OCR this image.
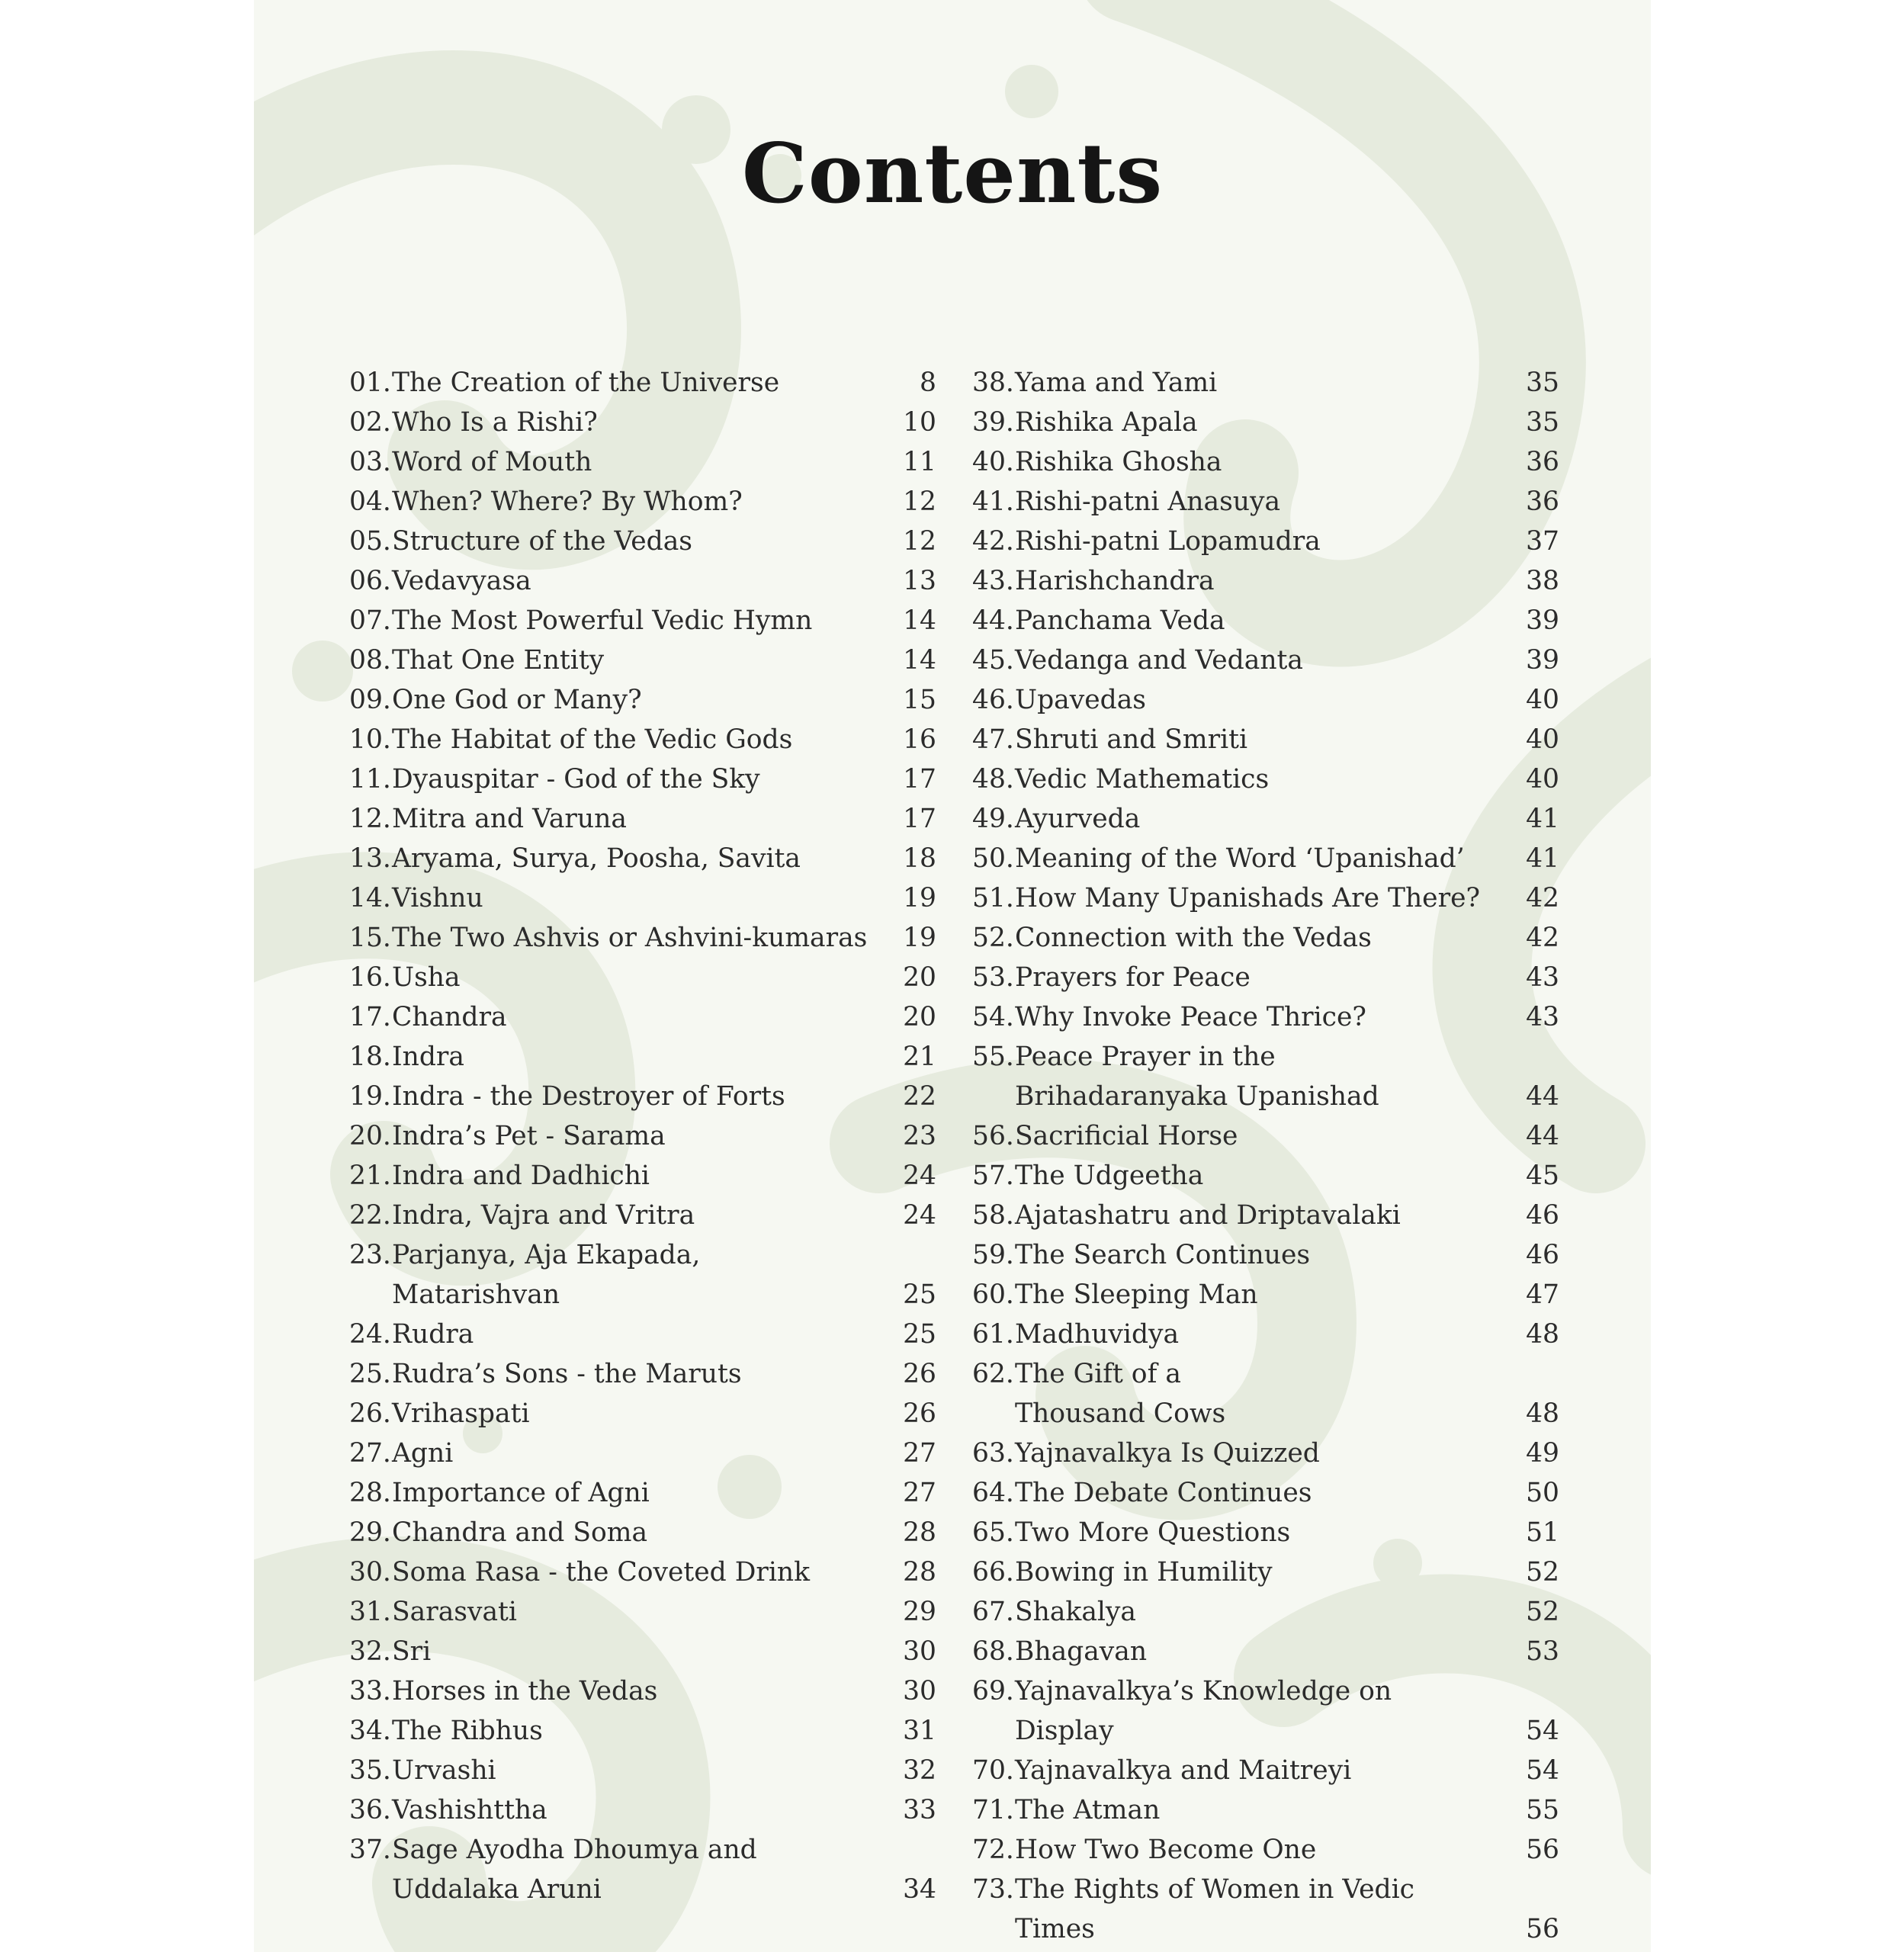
Contents
01. The Creation of the Universe	8
02. Who Is a Rishi?	10
03. Word of Mouth	11
04. When? Where? By Whom?	12
05. Structure of the Vedas	12
06. Vedavyasa	13
07. The Most Powerful Vedic Hymn	14
08. That One Entity	14
09. One God or Many?	15
10. The Habitat of the Vedic Gods	16
11. Dyauspitar - God of the Sky	17
12. Mitra and Varuna	17
13. Aryama, Surya, Poosha, Savita	18
14. Vishnu	19
15. The Two Ashvis or Ashvini-kumaras 19
16. Usha	20
17. Chandra	20
18. Indra	21
19. Indra - the Destroyer of Forts	22
20. Indra’s Pet - Sarama	23
21. Indra and Dadhichi	24
22. Indra, Vajra and Vritra	24
23. Parjanya, Aja Ekapada, Matarishvan	25
24. Rudra	25
25. Rudra’s Sons - the Maruts	26
26. Vrihaspati	26
27. Agni	27
28. Importance of Agni	27
29. Chandra and Soma	28
30. Soma Rasa - the Coveted Drink	28
31. Sarasvati	29
32. Sri	30
33. Horses in the Vedas	30
34. The Ribhus	31
35. Urvashi	32
36. Vashishttha	33
37. Sage Ayodha Dhoumya and
Uddalaka Aruni	34
38. Yama and Yami	35
39. Rishika Apala	35
40. Rishika Ghosha	36
41. Rishi-patni Anasuya	36
42. Rishi-patni Lopamudra	37
43. Harishchandra	38
44. Panchama Veda	39
45. Vedanga and Vedanta	39
46. Upavedas	40
47. Shruti and Smriti	40
48. Vedic Mathematics	40
49. Ayurveda	41
50. Meaning of the Word ‘Upanishad’	41
51. How Many Upanishads Are There?	42
52. Connection with the Vedas	42
53. Prayers for Peace	43
54. Why Invoke Peace Thrice?	43
55. Peace Prayer in the
Brihadaranyaka Upanishad	44
56. Sacrificial Horse	44
57. The Udgeetha	45
58. Ajatashatru and Driptavalaki	46
59. The Search Continues	46
60. The Sleeping Man	47
61. Madhuvidya	48
62. The Gift of a
Thousand Cows	48
63. Yajnavalkya Is Quizzed	49
64. The Debate Continues	50
65. Two More Questions	51
66. Bowing in Humility	52
67. Shakalya	52
68. Bhagavan	53
69. Yajnavalkya’s Knowledge on Display	54
70. Yajnavalkya and Maitreyi	54
71. The Atman	55
72. How Two Become One	56
73. The Rights of Women in Vedic Times	56
